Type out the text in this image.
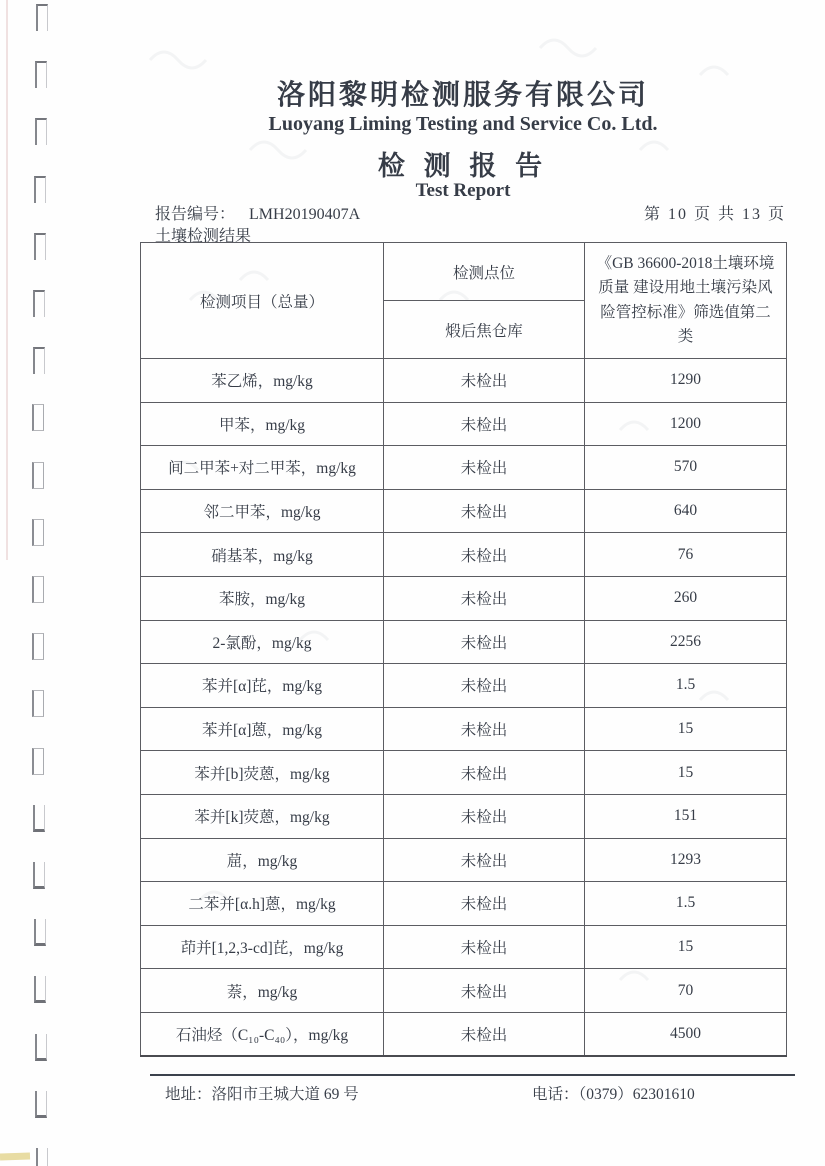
洛阳黎明检测服务有限公司
Luoyang Liming Testing and Service Co. Ltd.
检 测 报 告
Test Report
报告编号： LMH20190407A	第 10 页 共 13 页
土壤检测结果
检测项目（总量）	检测点位	《GB 36600-2018土壤环境质量 建设用地土壤污染风险管控标准》筛选值第二类
	煅后焦仓库	
苯乙烯，mg/kg	未检出	1290
甲苯，mg/kg	未检出	1200
间二甲苯+对二甲苯，mg/kg	未检出	570
邻二甲苯，mg/kg	未检出	640
硝基苯，mg/kg	未检出	76
苯胺，mg/kg	未检出	260
2-氯酚，mg/kg	未检出	2256
苯并[α]芘，mg/kg	未检出	1.5
苯并[α]蒽，mg/kg	未检出	15
苯并[b]荧蒽，mg/kg	未检出	15
苯并[k]荧蒽，mg/kg	未检出	151
䓛，mg/kg	未检出	1293
二苯并[α.h]蒽，mg/kg	未检出	1.5
茚并[1,2,3-cd]芘，mg/kg	未检出	15
萘，mg/kg	未检出	70
石油烃（C₁₀-C₄₀），mg/kg	未检出	4500
地址：洛阳市王城大道 69 号	电话：（0379）62301610
